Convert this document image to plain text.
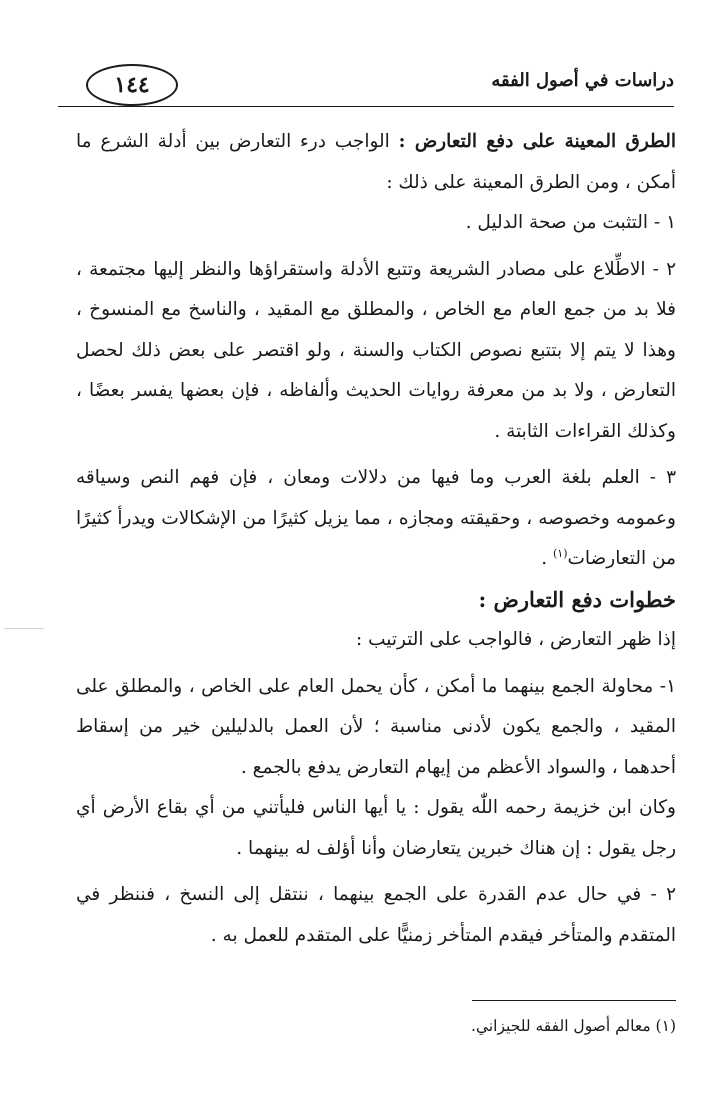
دراسات في أصول الفقه
١٤٤

الطرق المعينة على دفع التعارض : الواجب درء التعارض بين أدلة الشرع ما أمكن ، ومن الطرق المعينة على ذلك :

١ - التثبت من صحة الدليل .

٢ - الاطِّلاع على مصادر الشريعة وتتبع الأدلة واستقراؤها والنظر إليها مجتمعة ، فلا بد من جمع العام مع الخاص ، والمطلق مع المقيد ، والناسخ مع المنسوخ ، وهذا لا يتم إلا بتتبع نصوص الكتاب والسنة ، ولو اقتصر على بعض ذلك لحصل التعارض ، ولا بد من معرفة روايات الحديث وألفاظه ، فإن بعضها يفسر بعضًا ، وكذلك القراءات الثابتة .

٣ - العلم بلغة العرب وما فيها من دلالات ومعان ، فإن فهم النص وسياقه وعمومه وخصوصه ، وحقيقته ومجازه ، مما يزيل كثيرًا من الإشكالات ويدرأ كثيرًا من التعارضات$^{(١)}$ .

خطوات دفع التعارض :

إذا ظهر التعارض ، فالواجب على الترتيب :

١- محاولة الجمع بينهما ما أمكن ، كأن يحمل العام على الخاص ، والمطلق على المقيد ، والجمع يكون لأدنى مناسبة ؛ لأن العمل بالدليلين خير من إسقاط أحدهما ، والسواد الأعظم من إيهام التعارض يدفع بالجمع .

وكان ابن خزيمة رحمه اللّٰه يقول : يا أيها الناس فليأتني من أي بقاع الأرض أي رجل يقول : إن هناك خبرين يتعارضان وأنا أؤلف له بينهما .

٢ - في حال عدم القدرة على الجمع بينهما ، ننتقل إلى النسخ ، فننظر في المتقدم والمتأخر فيقدم المتأخر زمنيًّا على المتقدم للعمل به .

(١) معالم أصول الفقه للجيزاني.
